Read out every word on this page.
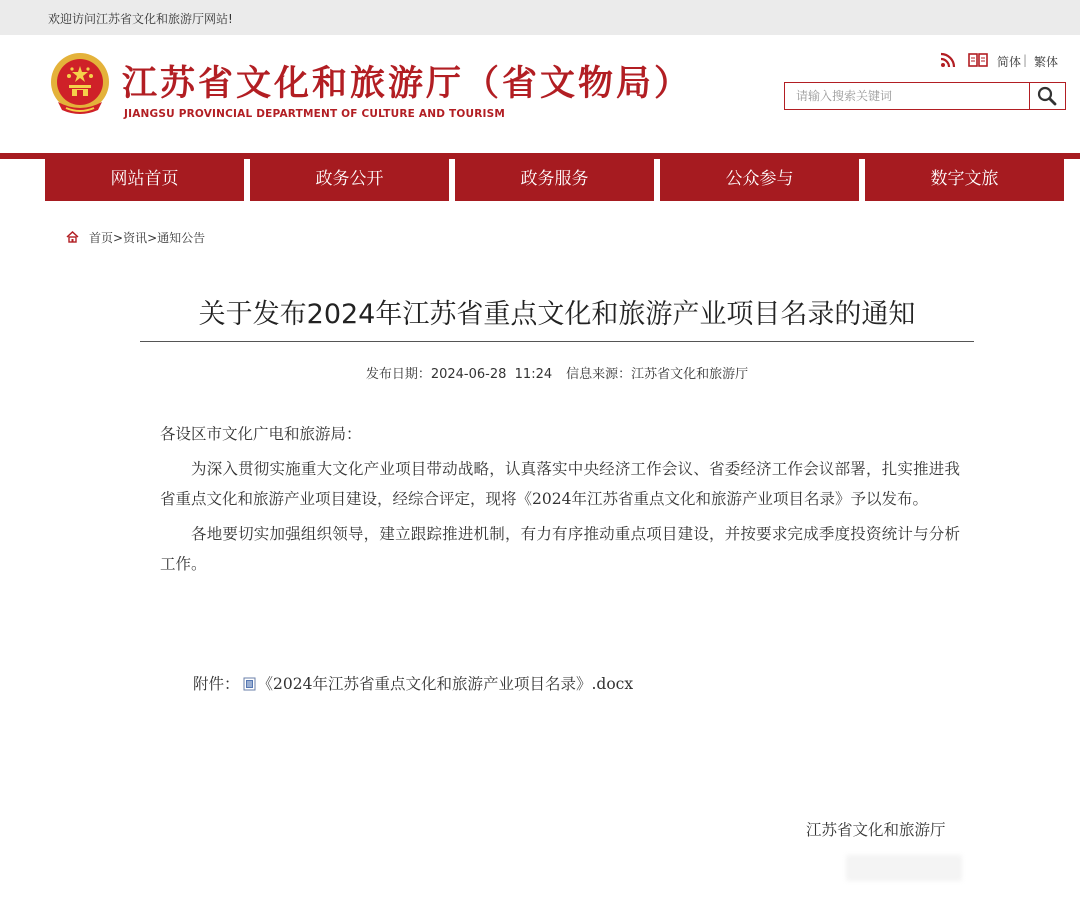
欢迎访问江苏省文化和旅游厅网站!
江苏省文化和旅游厅（省文物局）
JIANGSU PROVINCIAL DEPARTMENT OF CULTURE AND TOURISM
简体 | 繁体
请输入搜索关键词
网站首页	政务公开	政务服务	公众参与	数字文旅
首页>资讯>通知公告
关于发布2024年江苏省重点文化和旅游产业项目名录的通知
发布日期：2024-06-28  11:24 信息来源：江苏省文化和旅游厅

各设区市文化广电和旅游局：

为深入贯彻实施重大文化产业项目带动战略，认真落实中央经济工作会议、省委经济工作会议部署，扎实推进我省重点文化和旅游产业项目建设，经综合评定，现将《2024年江苏省重点文化和旅游产业项目名录》予以发布。

各地要切实加强组织领导，建立跟踪推进机制，有力有序推动重点项目建设，并按要求完成季度投资统计与分析工作。

附件： 《2024年江苏省重点文化和旅游产业项目名录》.docx
江苏省文化和旅游厅
